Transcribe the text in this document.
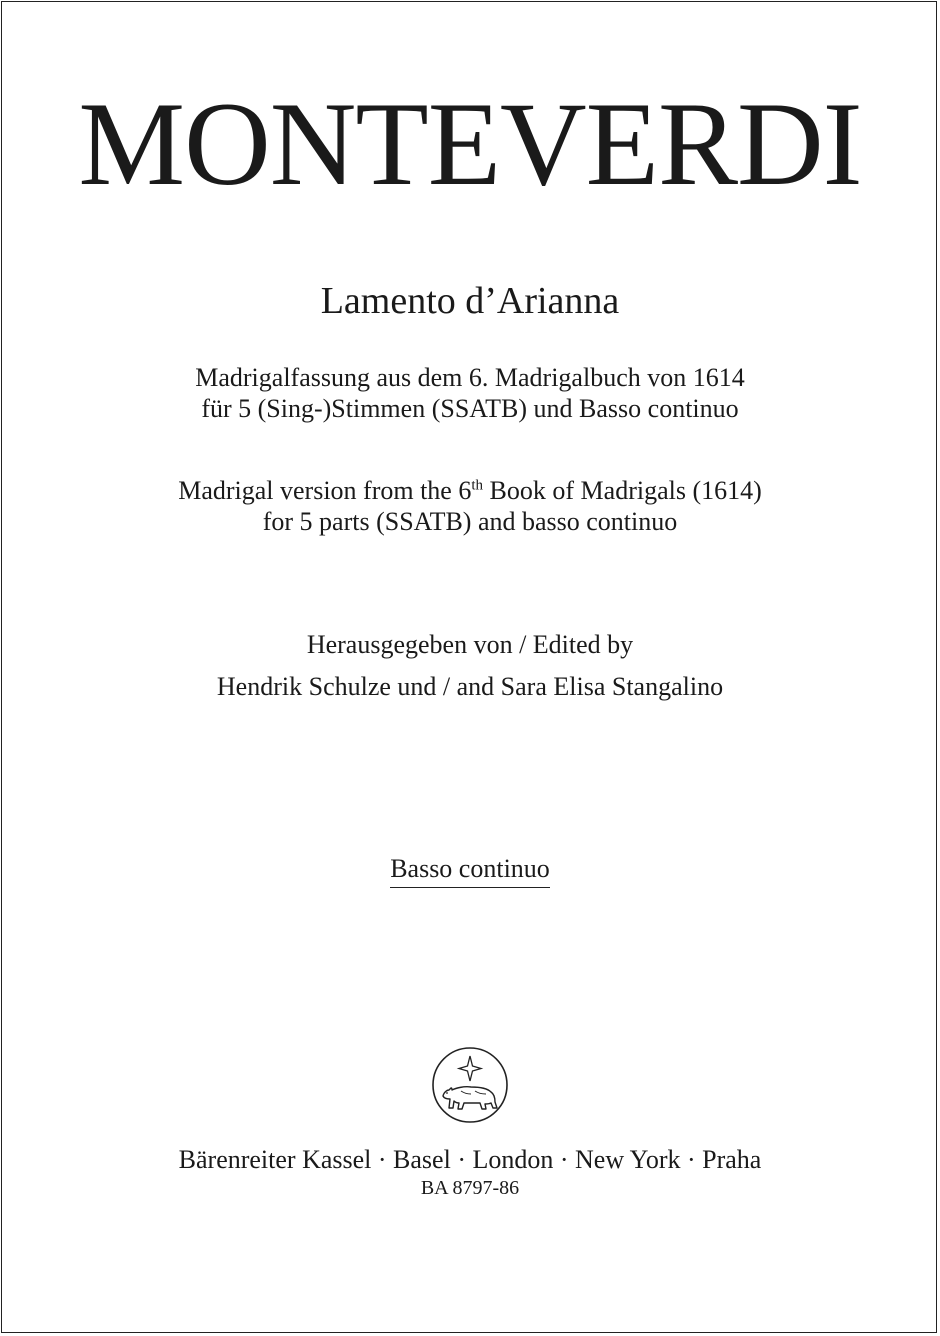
MONTEVERDI
Lamento d’Arianna
Madrigalfassung aus dem 6. Madrigalbuch von 1614
für 5 (Sing-)Stimmen (SSATB) und Basso continuo
Madrigal version from the 6th Book of Madrigals (1614)
for 5 parts (SSATB) and basso continuo
Herausgegeben von / Edited by
Hendrik Schulze und / and Sara Elisa Stangalino
Basso continuo
Bärenreiter Kassel · Basel · London · New York · Praha
BA 8797-86
